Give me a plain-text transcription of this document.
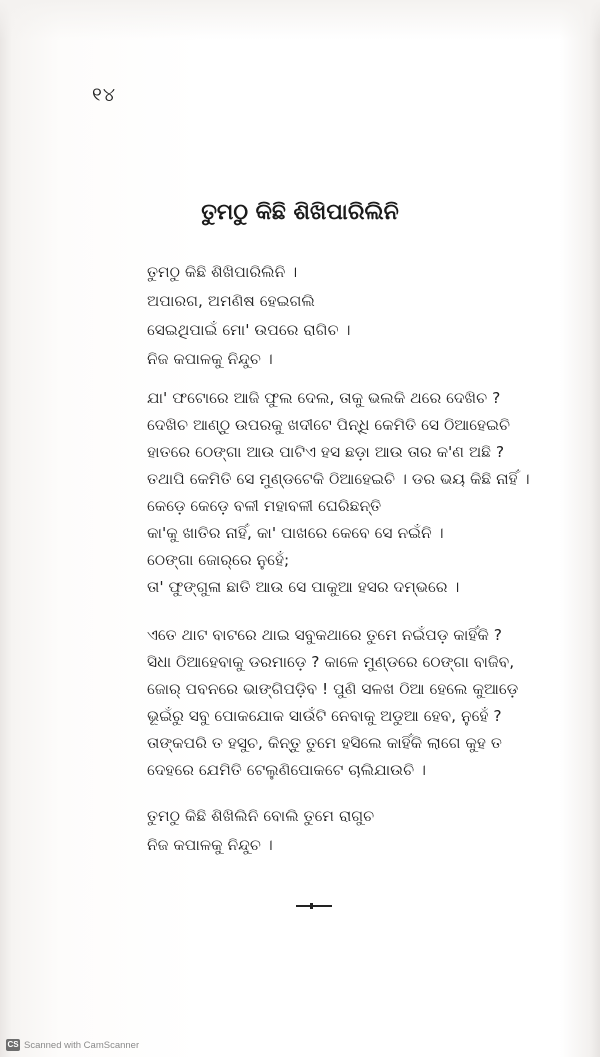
୧୪
ତୁମଠୁ କିଛି ଶିଖିପାରିଲିନି
ତୁମଠୁ କିଛି ଶିଖିପାରିଲିନି ।
ଅପାରଗ, ଅମଣିଷ ହେଇଗଲି
ସେଇଥିପାଇଁ ମୋ' ଉପରେ ରାଗିଚ ।
ନିଜ କପାଳକୁ ନିନ୍ଦୁଚ ।
ଯା' ଫଟୋରେ ଆଜି ଫୁଲ ଦେଲ, ତାକୁ ଭଲକି ଥରେ ଦେଖିଚ ?
ଦେଖିଚ ଆଣ୍ଠୁ ଉପରକୁ ଖଦୀଟେ ପିନ୍ଧି କେମିତି ସେ ଠିଆହେଇଚି
ହାତରେ ଠେଙ୍ଗା ଆଉ ପାଟିଏ ହସ ଛଡ଼ା ଆଉ ତାର କ'ଣ ଅଛି ?
ତଥାପି କେମିତି ସେ ମୁଣ୍ଡଟେକି ଠିଆହେଇଚି । ଡର ଭୟ କିଛି ନାହିଁ ।
କେଡ଼େ କେଡ଼େ ବଳୀ ମହାବଳୀ ଘେରିଛନ୍ତି
କା'କୁ ଖାତିର ନାହିଁ, କା' ପାଖରେ କେବେ ସେ ନଇଁନି ।
ଠେଙ୍ଗା ଜୋର୍‌ରେ ନୁହେଁ;
ତା' ଫୁଙ୍ଗୁଳା ଛାତି ଆଉ ସେ ପାକୁଆ ହସର ଦମ୍ଭରେ ।
ଏତେ ଥାଟ ବାଟରେ ଥାଇ ସବୁକଥାରେ ତୁମେ ନଇଁପଡ଼ କାହିଁକି ?
ସିଧା ଠିଆହେବାକୁ ଡରମାଡ଼େ ? କାଳେ ମୁଣ୍ଡରେ ଠେଙ୍ଗା ବାଜିବ,
ଜୋର୍ ପବନରେ ଭାଙ୍ଗିପଡ଼ିବ ! ପୁଣି ସଳଖ ଠିଆ ହେଲେ କୁଆଡ଼େ
ଭୂଇଁରୁ ସବୁ ପୋକଯୋକ ସାଉଁଟି ନେବାକୁ ଅଡୁଆ ହେବ, ନୁହେଁ ?
ତାଙ୍କପରି ତ ହସୁଚ, କିନ୍ତୁ ତୁମେ ହସିଲେ କାହିଁକି ଲାଗେ କୁହ ତ
ଦେହରେ ଯେମିତି ଟେଲୁଣିପୋକଟେ ଚାଲିଯାଉଚି ।
ତୁମଠୁ କିଛି ଶିଖିଲିନି ବୋଲି ତୁମେ ରାଗୁଚ
ନିଜ କପାଳକୁ ନିନ୍ଦୁଚ ।
CS Scanned with CamScanner
